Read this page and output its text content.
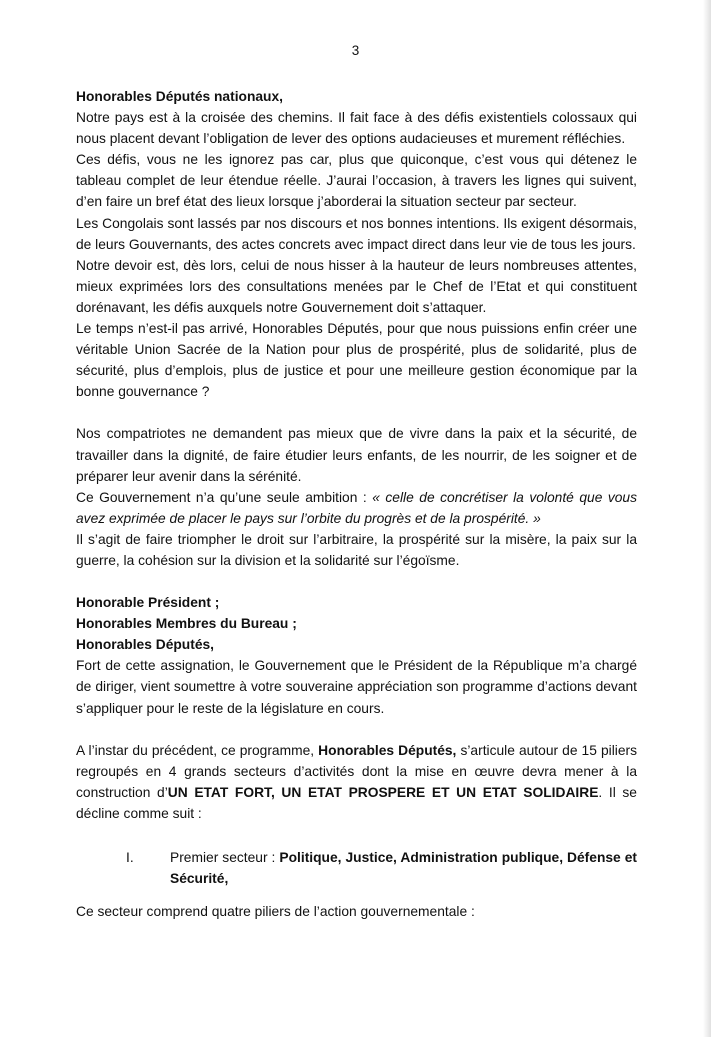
3

Honorables Députés nationaux,

Notre pays est à la croisée des chemins. Il fait face à des défis existentiels colossaux qui nous placent devant l’obligation de lever des options audacieuses et murement réfléchies.

Ces défis, vous ne les ignorez pas car, plus que quiconque, c’est vous qui détenez le tableau complet de leur étendue réelle. J’aurai l’occasion, à travers les lignes qui suivent, d’en faire un bref état des lieux lorsque j’aborderai la situation secteur par secteur.

Les Congolais sont lassés par nos discours et nos bonnes intentions. Ils exigent désormais, de leurs Gouvernants, des actes concrets avec impact direct dans leur vie de tous les jours.

Notre devoir est, dès lors, celui de nous hisser à la hauteur de leurs nombreuses attentes, mieux exprimées lors des consultations menées par le Chef de l’Etat et qui constituent dorénavant, les défis auxquels notre Gouvernement doit s’attaquer.

Le temps n’est-il pas arrivé, Honorables Députés, pour que nous puissions enfin créer une véritable Union Sacrée de la Nation pour plus de prospérité, plus de solidarité, plus de sécurité, plus d’emplois, plus de justice et pour une meilleure gestion économique par la bonne gouvernance ?

Nos compatriotes ne demandent pas mieux que de vivre dans la paix et la sécurité, de travailler dans la dignité, de faire étudier leurs enfants, de les nourrir, de les soigner et de préparer leur avenir dans la sérénité.

Ce Gouvernement n’a qu’une seule ambition : « celle de concrétiser la volonté que vous avez exprimée de placer le pays sur l’orbite du progrès et de la prospérité. »

Il s’agit de faire triompher le droit sur l’arbitraire, la prospérité sur la misère, la paix sur la guerre, la cohésion sur la division et la solidarité sur l’égoïsme.

Honorable Président ;

Honorables Membres du Bureau ;

Honorables Députés,

Fort de cette assignation, le Gouvernement que le Président de la République m’a chargé de diriger, vient soumettre à votre souveraine appréciation son programme d’actions devant s’appliquer pour le reste de la législature en cours.

A l’instar du précédent, ce programme, Honorables Députés, s’articule autour de 15 piliers regroupés en 4 grands secteurs d’activités dont la mise en œuvre devra mener à la construction d’UN ETAT FORT, UN ETAT PROSPERE ET UN ETAT SOLIDAIRE. Il se décline comme suit :

I.	Premier secteur : Politique, Justice, Administration publique, Défense et Sécurité,

Ce secteur comprend quatre piliers de l’action gouvernementale :
